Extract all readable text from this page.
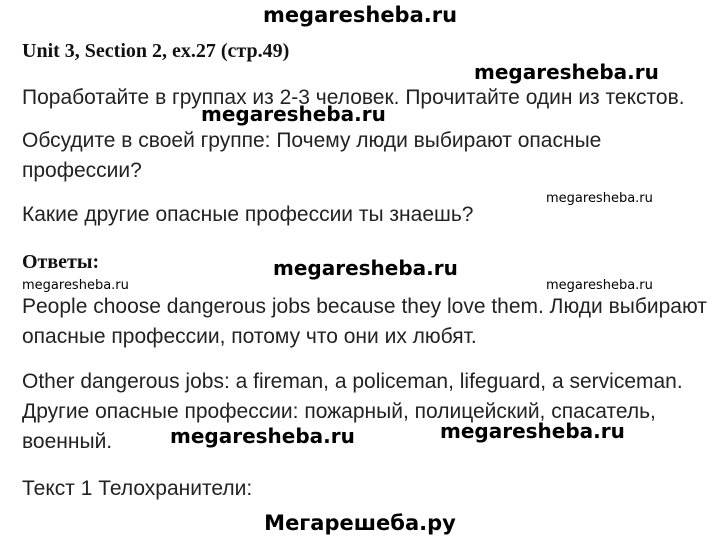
megaresheba.ru
Unit 3, Section 2, ex.27 (стр.49)
megaresheba.ru
Поработайте в группах из 2-3 человек. Прочитайте один из текстов.
megaresheba.ru
Обсудите в своей группе: Почему люди выбирают опасные
профессии?
megaresheba.ru
Какие другие опасные профессии ты знаешь?
Ответы:	megaresheba.ru
megaresheba.ru	megaresheba.ru
People choose dangerous jobs because they love them. Люди выбирают
опасные профессии, потому что они их любят.
Other dangerous jobs: a fireman, a policeman, lifeguard, a serviceman.
Другие опасные профессии: пожарный, полицейский, спасатель,
военный.	megaresheba.ru	megaresheba.ru
Текст 1 Телохранители:
Мегарешеба.ру
